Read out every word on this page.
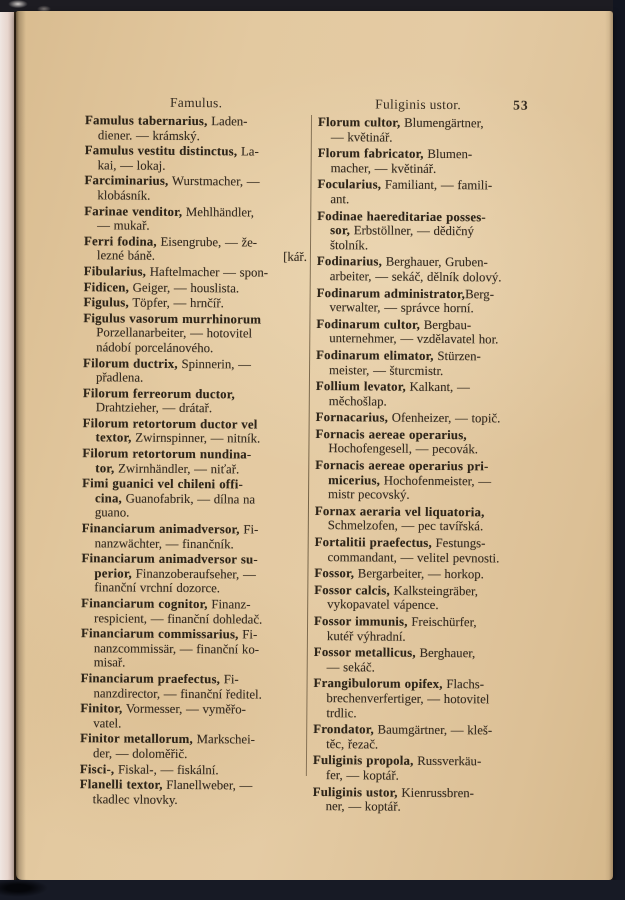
Famulus.	Fuliginis ustor.	53
Famulus tabernarius, Laden-
diener. — krámský.
Famulus vestitu distinctus, La-
kai, — lokaj.
Farciminarius, Wurstmacher, —
klobásník.
Farinae venditor, Mehlhändler,
— mukař.
Ferri fodina, Eisengrube, — že-
lezné báně.	[kář.
Fibularius, Haftelmacher — spon-
Fidicen, Geiger, — houslista.
Figulus, Töpfer, — hrnčíř.
Figulus vasorum murrhinorum
Porzellanarbeiter, — hotovitel
nádobí porcelánového.
Filorum ductrix, Spinnerin, —
přadlena.
Filorum ferreorum ductor,
Drahtzieher, — drátař.
Filorum retortorum ductor vel
textor, Zwirnspinner, — nitník.
Filorum retortorum nundina-
tor, Zwirnhändler, — niťař.
Fimi guanici vel chileni offi-
cina, Guanofabrik, — dílna na
guano.
Financiarum animadversor, Fi-
nanzwächter, — finančník.
Financiarum animadversor su-
perior, Finanzoberaufseher, —
finanční vrchní dozorce.
Financiarum cognitor, Finanz-
respicient, — finanční dohledač.
Financiarum commissarius, Fi-
nanzcommissär, — finanční ko-
misař.
Financiarum praefectus, Fi-
nanzdirector, — finanční ředitel.
Finitor, Vormesser, — vyměřo-
vatel.
Finitor metallorum, Markschei-
der, — doloměřič.
Fisci-, Fiskal-, — fiskální.
Flanelli textor, Flanellweber, —
tkadlec vlnovky.
Florum cultor, Blumengärtner,
— květinář.
Florum fabricator, Blumen-
macher, — květinář.
Focularius, Familiant, — famili-
ant.
Fodinae haereditariae posses-
sor, Erbstöllner, — dědičný
štolník.
Fodinarius, Berghauer, Gruben-
arbeiter, — sekáč, dělník dolový.
Fodinarum administrator,Berg-
verwalter, — správce horní.
Fodinarum cultor, Bergbau-
unternehmer, — vzdělavatel hor.
Fodinarum elimator, Stürzen-
meister, — šturcmistr.
Follium levator, Kalkant, —
měchošlap.
Fornacarius, Ofenheizer, — topič.
Fornacis aereae operarius,
Hochofengesell, — pecovák.
Fornacis aereae operarius pri-
micerius, Hochofenmeister, —
mistr pecovský.
Fornax aeraria vel liquatoria,
Schmelzofen, — pec tavířská.
Fortalitii praefectus, Festungs-
commandant, — velitel pevnosti.
Fossor, Bergarbeiter, — horkop.
Fossor calcis, Kalksteingräber,
vykopavatel vápence.
Fossor immunis, Freischürfer,
kutéř výhradní.
Fossor metallicus, Berghauer,
— sekáč.
Frangibulorum opifex, Flachs-
brechenverfertiger, — hotovitel
trdlic.
Frondator, Baumgärtner, — kleš-
těc, řezač.
Fuliginis propola, Russverkäu-
fer, — koptář.
Fuliginis ustor, Kienrussbren-
ner, — koptář.
